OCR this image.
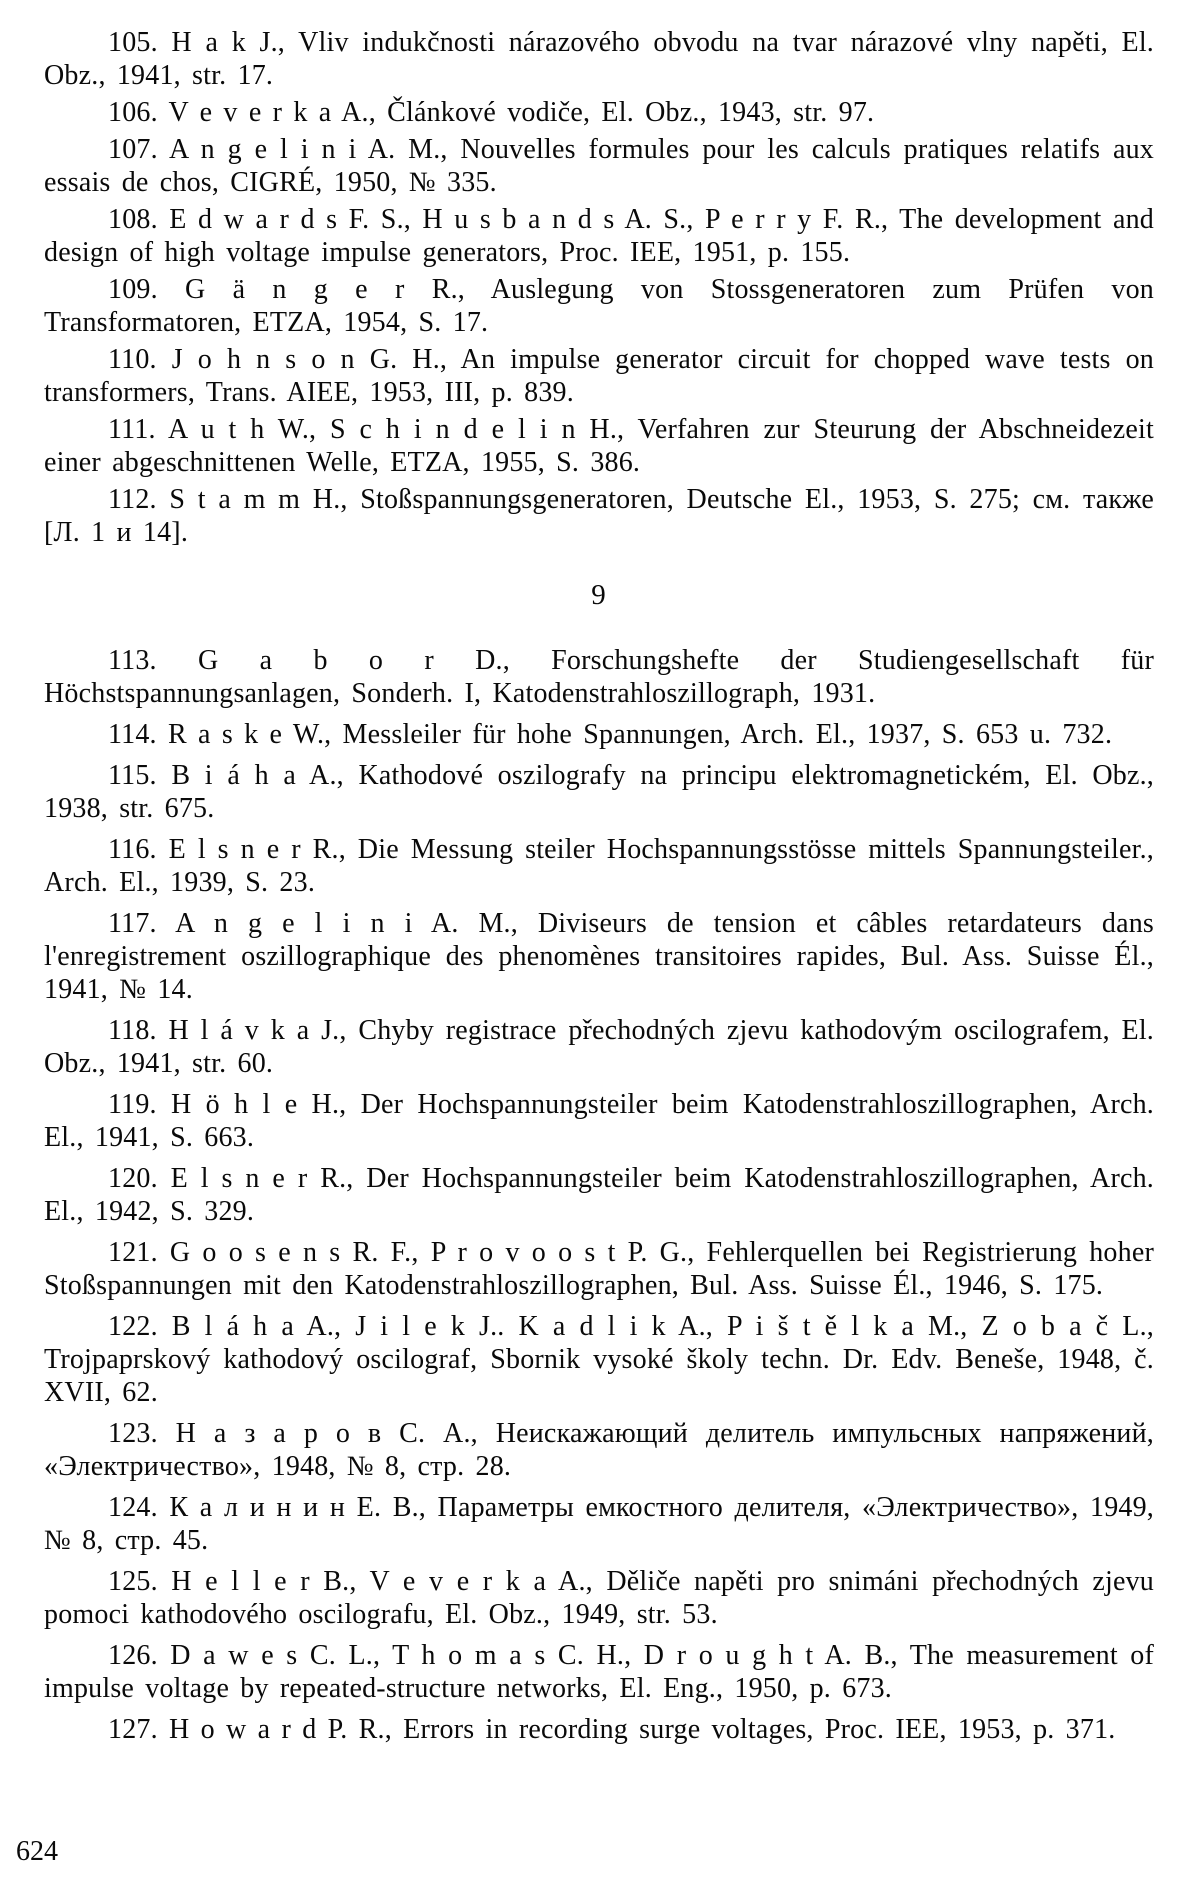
105. H a k J., Vliv indukčnosti nárazového obvodu na tvar nárazové vlny napěti, El. Obz., 1941, str. 17.

106. V e v e r k a A., Článkové vodiče, El. Obz., 1943, str. 97.

107. A n g e l i n i A. M., Nouvelles formules pour les calculs pratiques relatifs aux essais de chos, CIGRÉ, 1950, № 335.

108. E d w a r d s F. S., H u s b a n d s A. S., P e r r y F. R., The development and design of high voltage impulse generators, Proc. IEE, 1951, p. 155.

109. G ä n g e r R., Auslegung von Stossgeneratoren zum Prüfen von Transformatoren, ETZA, 1954, S. 17.

110. J o h n s o n G. H., An impulse generator circuit for chopped wave tests on transformers, Trans. AIEE, 1953, III, p. 839.

111. A u t h W., S c h i n d e l i n H., Verfahren zur Steurung der Abschneidezeit einer abgeschnittenen Welle, ETZA, 1955, S. 386.

112. S t a m m H., Stoßspannungsgeneratoren, Deutsche El., 1953, S. 275; см. также [Л. 1 и 14].

9

113. G a b o r D., Forschungshefte der Studiengesellschaft für Höchstspannungsanlagen, Sonderh. I, Katodenstrahloszillograph, 1931.

114. R a s k e W., Messleiler für hohe Spannungen, Arch. El., 1937, S. 653 u. 732.

115. B i á h a A., Kathodové oszilografy na principu elektromagnetickém, El. Obz., 1938, str. 675.

116. E l s n e r R., Die Messung steiler Hochspannungsstösse mittels Spannungsteiler., Arch. El., 1939, S. 23.

117. A n g e l i n i A. M., Diviseurs de tension et câbles retardateurs dans l'enregistrement oszillographique des phenomènes transitoires rapides, Bul. Ass. Suisse Él., 1941, № 14.

118. H l á v k a J., Chyby registrace přechodných zjevu kathodovým oscilografem, El. Obz., 1941, str. 60.

119. H ö h l e H., Der Hochspannungsteiler beim Katodenstrahloszillographen, Arch. El., 1941, S. 663.

120. E l s n e r R., Der Hochspannungsteiler beim Katodenstrahloszillographen, Arch. El., 1942, S. 329.

121. G o o s e n s R. F., P r o v o o s t P. G., Fehlerquellen bei Registrierung hoher Stoßspannungen mit den Katodenstrahloszillographen, Bul. Ass. Suisse Él., 1946, S. 175.

122. B l á h a A., J i l e k J.. K a d l i k A., P i š t ě l k a M., Z o b a č L., Trojpaprskový kathodový oscilograf, Sbornik vysoké školy techn. Dr. Edv. Beneše, 1948, č. XVII, 62.

123. Н а з а р о в С. А., Неискажающий делитель импульсных напряжений, «Электричество», 1948, № 8, стр. 28.

124. К а л и н и н Е. В., Параметры емкостного делителя, «Электричество», 1949, № 8, стр. 45.

125. H e l l e r B., V e v e r k a A., Děliče napěti pro snimáni přechodných zjevu pomoci kathodového oscilografu, El. Obz., 1949, str. 53.

126. D a w e s C. L., T h o m a s C. H., D r o u g h t A. B., The measurement of impulse voltage by repeated-structure networks, El. Eng., 1950, p. 673.

127. H o w a r d P. R., Errors in recording surge voltages, Proc. IEE, 1953, p. 371.

624
